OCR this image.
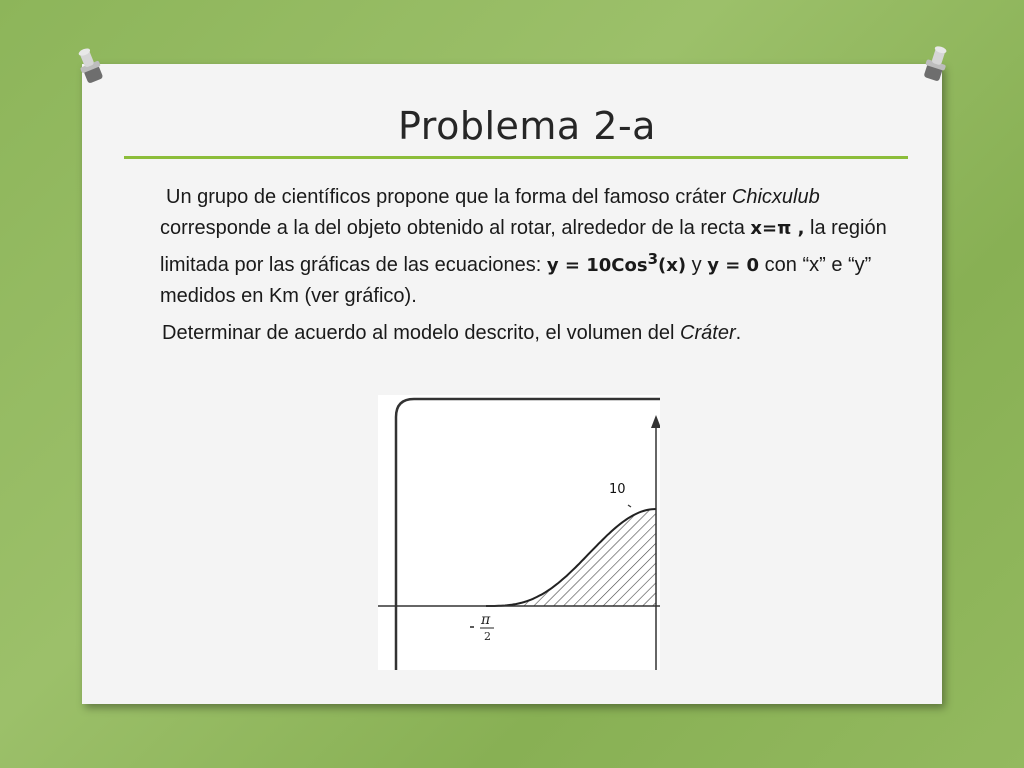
Problema 2-a

Un grupo de científicos propone que la forma del famoso cráter Chicxulub corresponde a la del objeto obtenido al rotar, alrededor de la recta x=π , la región limitada por las gráficas de las ecuaciones: y = 10Cos$^3$(x) y y = 0 con “x” e “y” medidos en Km (ver gráfico).

Determinar de acuerdo al modelo descrito, el volumen del Cráter.

10
π
2
